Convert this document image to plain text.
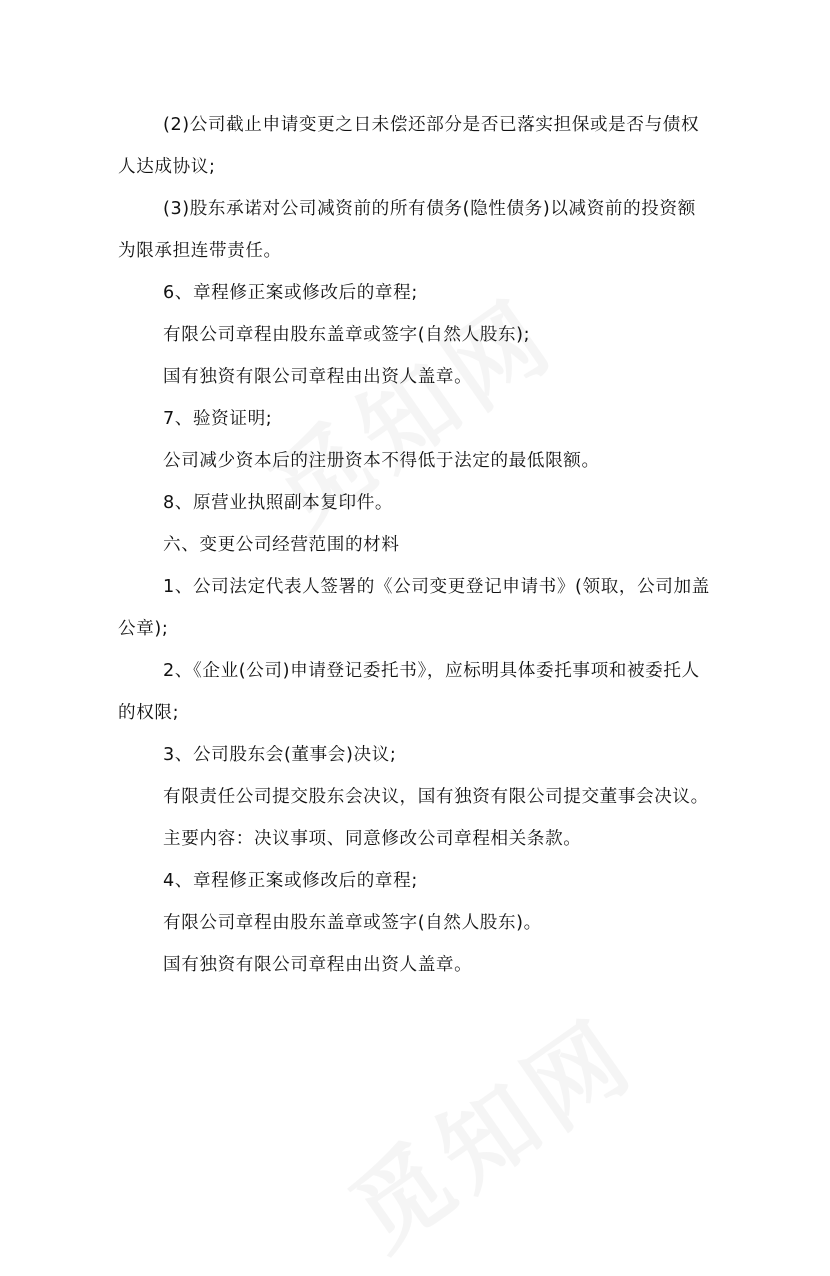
(2)公司截止申请变更之日未偿还部分是否已落实担保或是否与债权人达成协议;

(3)股东承诺对公司减资前的所有债务(隐性债务)以减资前的投资额为限承担连带责任。

6、章程修正案或修改后的章程;

有限公司章程由股东盖章或签字(自然人股东);

国有独资有限公司章程由出资人盖章。

7、验资证明;

公司减少资本后的注册资本不得低于法定的最低限额。

8、原营业执照副本复印件。

六、变更公司经营范围的材料

1、公司法定代表人签署的《公司变更登记申请书》(领取，公司加盖公章);

2、《企业(公司)申请登记委托书》，应标明具体委托事项和被委托人的权限;

3、公司股东会(董事会)决议;

有限责任公司提交股东会决议，国有独资有限公司提交董事会决议。

主要内容：决议事项、同意修改公司章程相关条款。

4、章程修正案或修改后的章程;

有限公司章程由股东盖章或签字(自然人股东)。

国有独资有限公司章程由出资人盖章。
